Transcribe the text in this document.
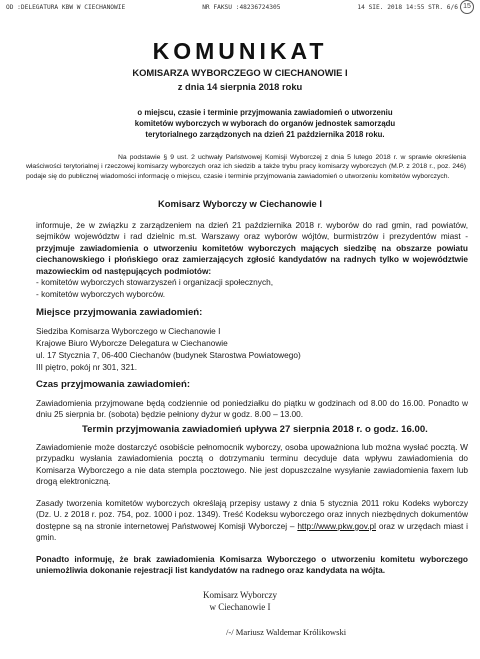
OD :DELEGATURA KBW W CIECHANOWIE	NR FAKSU :48236724305	14 SIE. 2018 14:55 STR. 6/6 15
KOMUNIKAT
KOMISARZA WYBORCZEGO W CIECHANOWIE I
z dnia 14 sierpnia 2018 roku
o miejscu, czasie i terminie przyjmowania zawiadomień o utworzeniu komitetów wyborczych w wyborach do organów jednostek samorządu terytorialnego zarządzonych na dzień 21 października 2018 roku.
Na podstawie § 9 ust. 2 uchwały Państwowej Komisji Wyborczej z dnia 5 lutego 2018 r. w sprawie określenia właściwości terytorialnej i rzeczowej komisarzy wyborczych oraz ich siedzib a także trybu pracy komisarzy wyborczych (M.P. z 2018 r., poz. 246) podaje się do publicznej wiadomości informację o miejscu, czasie i terminie przyjmowania zawiadomień o utworzeniu komitetów wyborczych.
Komisarz Wyborczy w Ciechanowie I
informuje, że w związku z zarządzeniem na dzień 21 października 2018 r. wyborów do rad gmin, rad powiatów, sejmików województw i rad dzielnic m.st. Warszawy oraz wyborów wójtów, burmistrzów i prezydentów miast - przyjmuje zawiadomienia o utworzeniu komitetów wyborczych mających siedzibę na obszarze powiatu ciechanowskiego i płońskiego oraz zamierzających zgłosić kandydatów na radnych tylko w województwie mazowieckim od następujących podmiotów:
- komitetów wyborczych stowarzyszeń i organizacji społecznych,
- komitetów wyborczych wyborców.
Miejsce przyjmowania zawiadomień:
Siedziba Komisarza Wyborczego w Ciechanowie I
Krajowe Biuro Wyborcze Delegatura w Ciechanowie
ul. 17 Stycznia 7, 06-400 Ciechanów (budynek Starostwa Powiatowego)
III piętro, pokój nr 301, 321.
Czas przyjmowania zawiadomień:
Zawiadomienia przyjmowane będą codziennie od poniedziałku do piątku w godzinach od 8.00 do 16.00. Ponadto w dniu 25 sierpnia br. (sobota) będzie pełniony dyżur w godz. 8.00 – 13.00.
Termin przyjmowania zawiadomień upływa 27 sierpnia 2018 r. o godz. 16.00.
Zawiadomienie może dostarczyć osobiście pełnomocnik wyborczy, osoba upoważniona lub można wysłać pocztą. W przypadku wysłania zawiadomienia pocztą o dotrzymaniu terminu decyduje data wpływu zawiadomienia do Komisarza Wyborczego a nie data stempla pocztowego. Nie jest dopuszczalne wysyłanie zawiadomienia faxem lub drogą elektroniczną.
Zasady tworzenia komitetów wyborczych określają przepisy ustawy z dnia 5 stycznia 2011 roku Kodeks wyborczy (Dz. U. z 2018 r. poz. 754, poz. 1000 i poz. 1349). Treść Kodeksu wyborczego oraz innych niezbędnych dokumentów dostępne są na stronie internetowej Państwowej Komisji Wyborczej – http://www.pkw.gov.pl oraz w urzędach miast i gmin.
Ponadto informuję, że brak zawiadomienia Komisarza Wyborczego o utworzeniu komitetu wyborczego uniemożliwia dokonanie rejestracji list kandydatów na radnego oraz kandydata na wójta.
Komisarz Wyborczy
w Ciechanowie I
/-/ Mariusz Waldemar Królikowski
